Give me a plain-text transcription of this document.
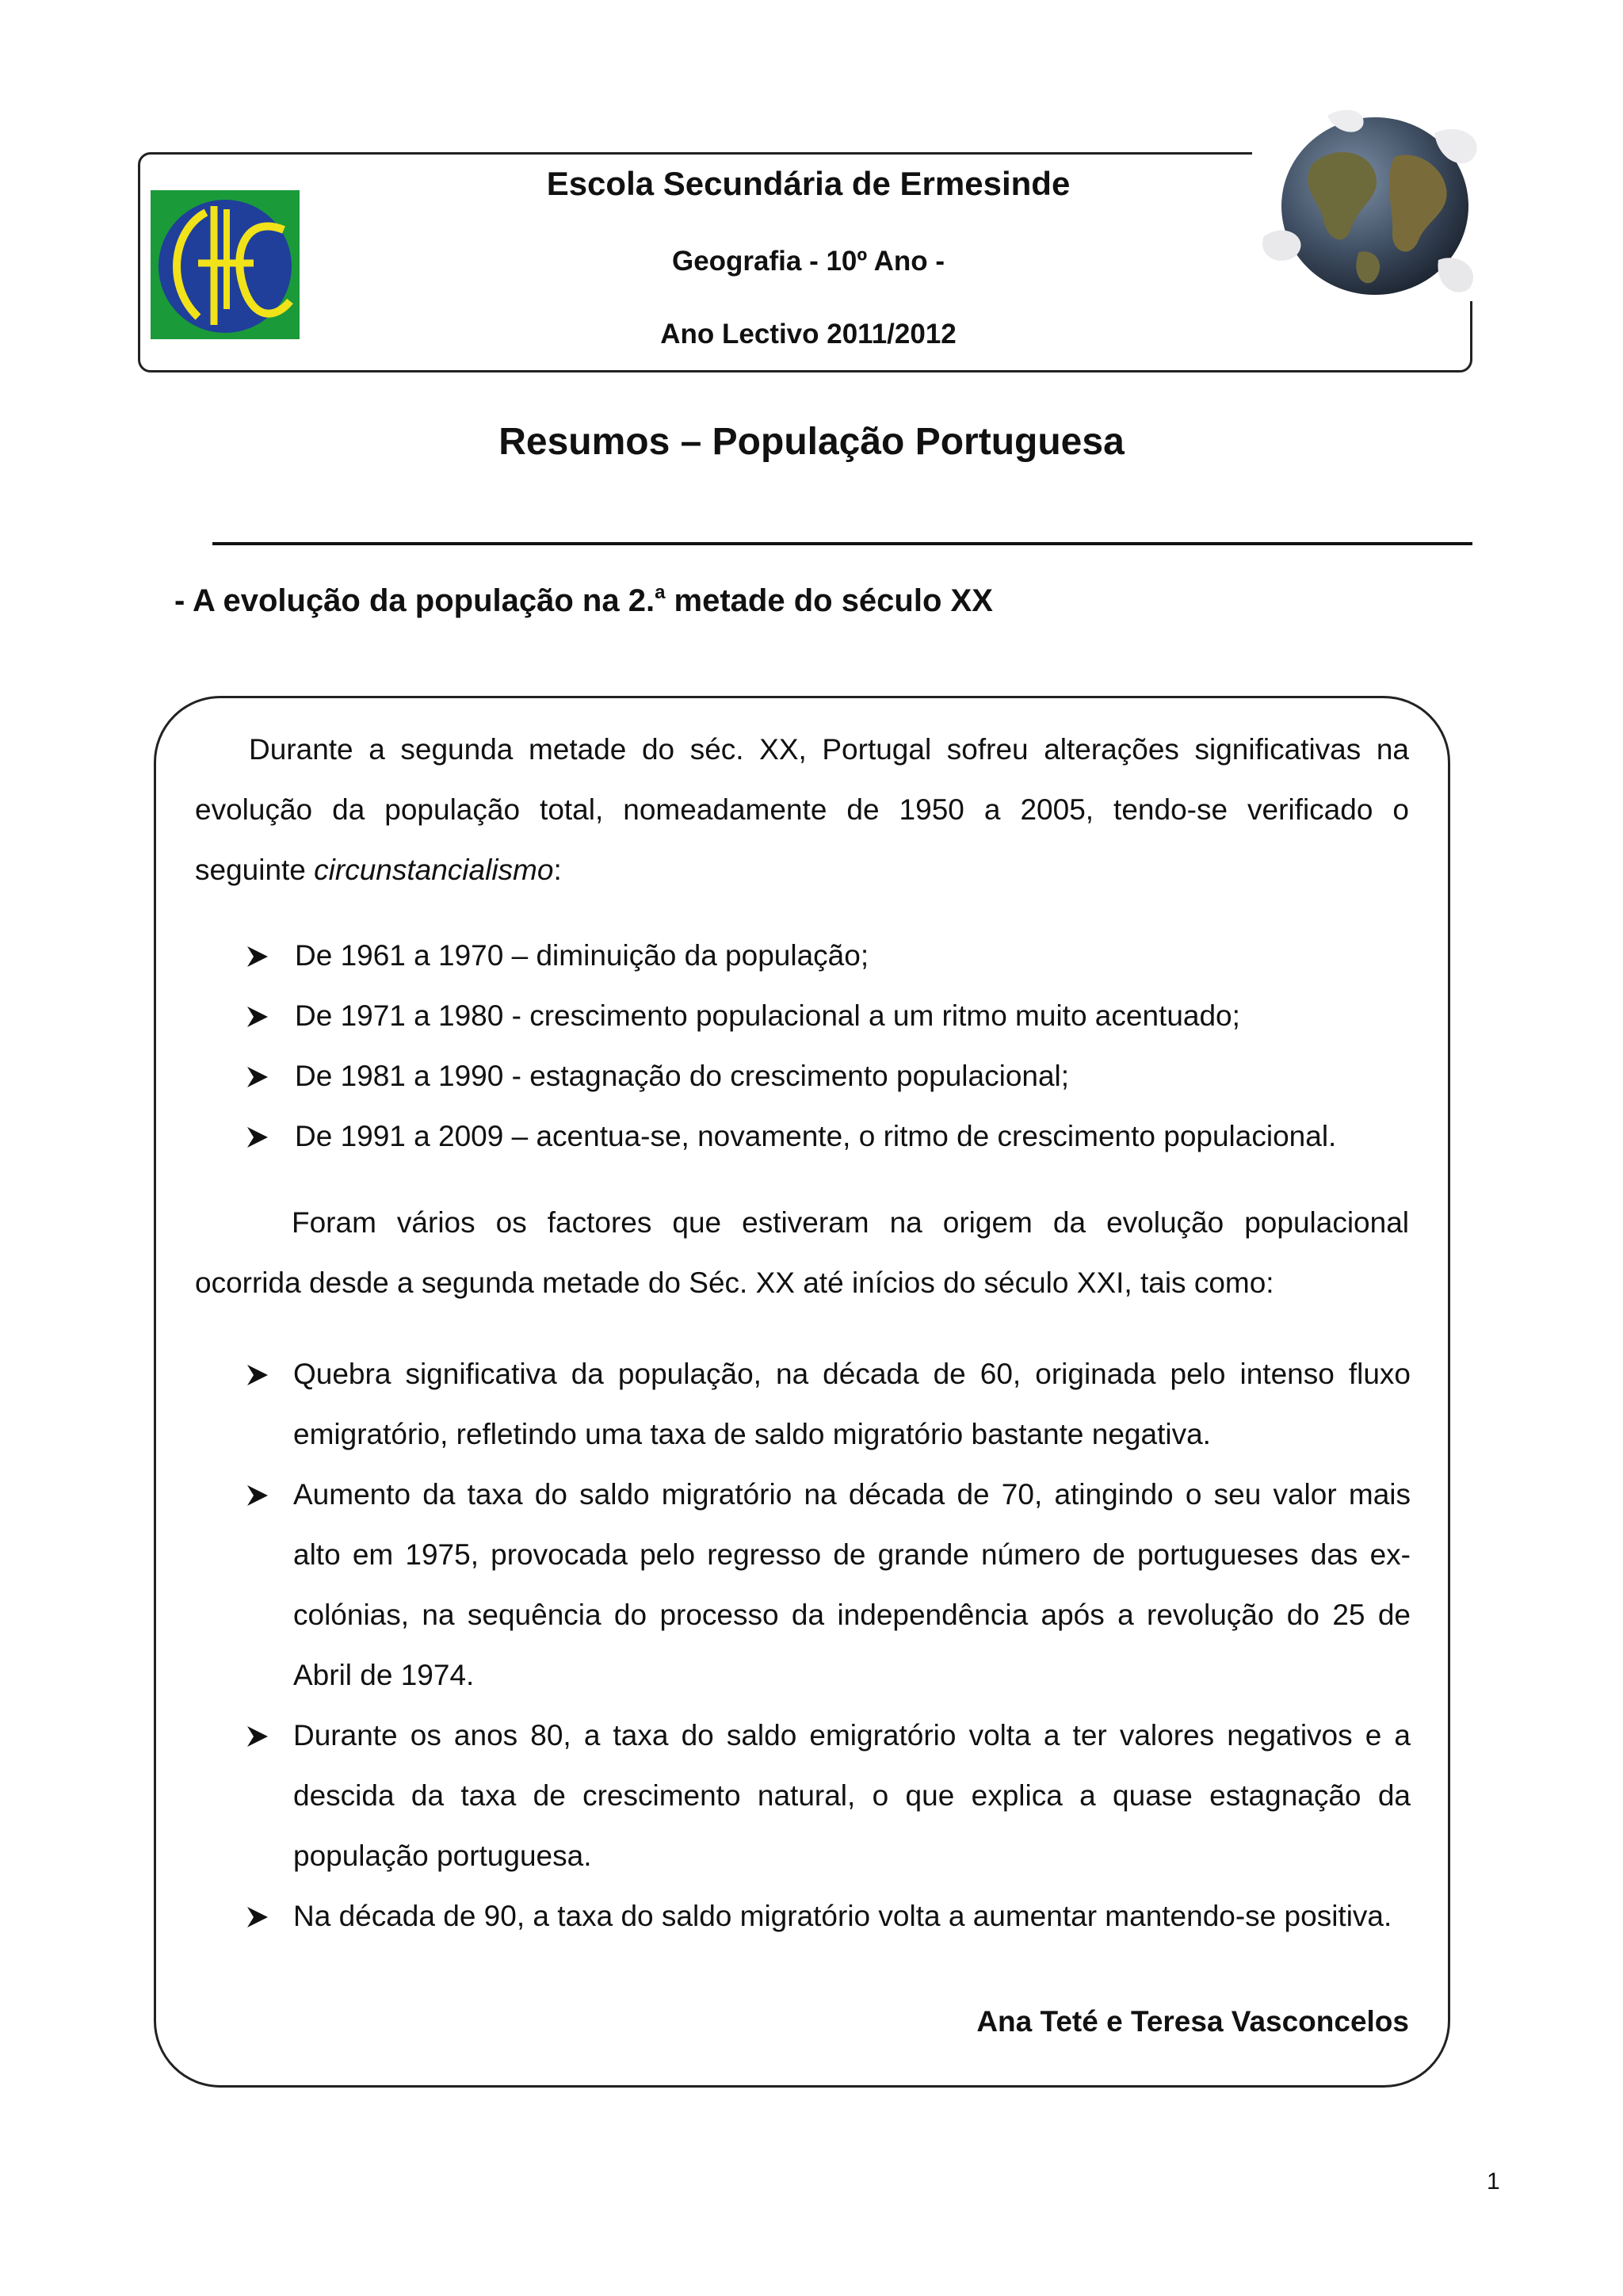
Escola Secundária de Ermesinde
Geografia - 10º Ano -
Ano Lectivo 2011/2012
Resumos – População Portuguesa
- A evolução da população na 2.$^a$ metade do século XX
Durante a segunda metade do séc. XX, Portugal sofreu alterações significativas na evolução da população total, nomeadamente de 1950 a 2005, tendo-se verificado o
seguinte circunstancialismo:
De 1961 a 1970 – diminuição da população;
De 1971 a 1980 - crescimento populacional a um ritmo muito acentuado;
De 1981 a 1990 - estagnação do crescimento populacional;
De 1991 a 2009 – acentua-se, novamente, o ritmo de crescimento populacional.
Foram vários os factores que estiveram na origem da evolução populacional
ocorrida desde a segunda metade do Séc. XX até inícios do século XXI, tais como:
Quebra significativa da população, na década de 60, originada pelo intenso fluxo emigratório, refletindo uma taxa de saldo migratório bastante negativa.
Aumento da taxa do saldo migratório na década de 70, atingindo o seu valor mais alto em 1975, provocada pelo regresso de grande número de portugueses das ex-colónias, na sequência do processo da independência após a revolução do 25 de Abril de 1974.
Durante os anos 80, a taxa do saldo emigratório volta a ter valores negativos e a descida da taxa de crescimento natural, o que explica a quase estagnação da população portuguesa.
Na década de 90, a taxa do saldo migratório volta a aumentar mantendo-se positiva.
Ana Teté e Teresa Vasconcelos
1
